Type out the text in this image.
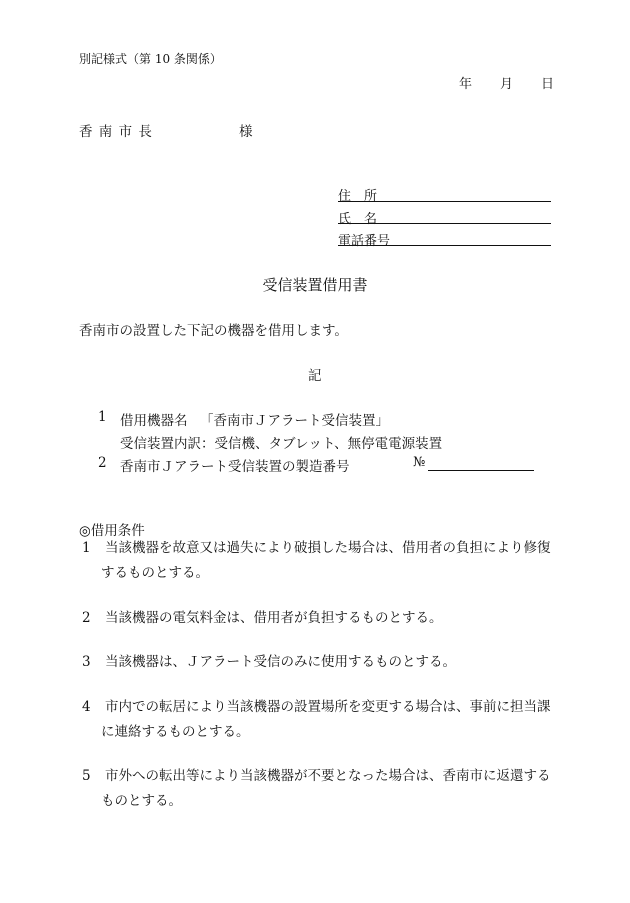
別記様式（第 10 条関係）
年 月 日
香 南 市 長	様
住　所
氏　名
電話番号
受信装置借用書
香南市の設置した下記の機器を借用します。
記
1 借用機器名 「香南市Ｊアラート受信装置」
受信装置内訳：受信機、タブレット、無停電電源装置
2 香南市Ｊアラート受信装置の製造番号	№
◎借用条件
1 当該機器を故意又は過失により破損した場合は、借用者の負担により修復
するものとする。
2 当該機器の電気料金は、借用者が負担するものとする。
3 当該機器は、Ｊアラート受信のみに使用するものとする。
4 市内での転居により当該機器の設置場所を変更する場合は、事前に担当課
に連絡するものとする。
5 市外への転出等により当該機器が不要となった場合は、香南市に返還する
ものとする。
